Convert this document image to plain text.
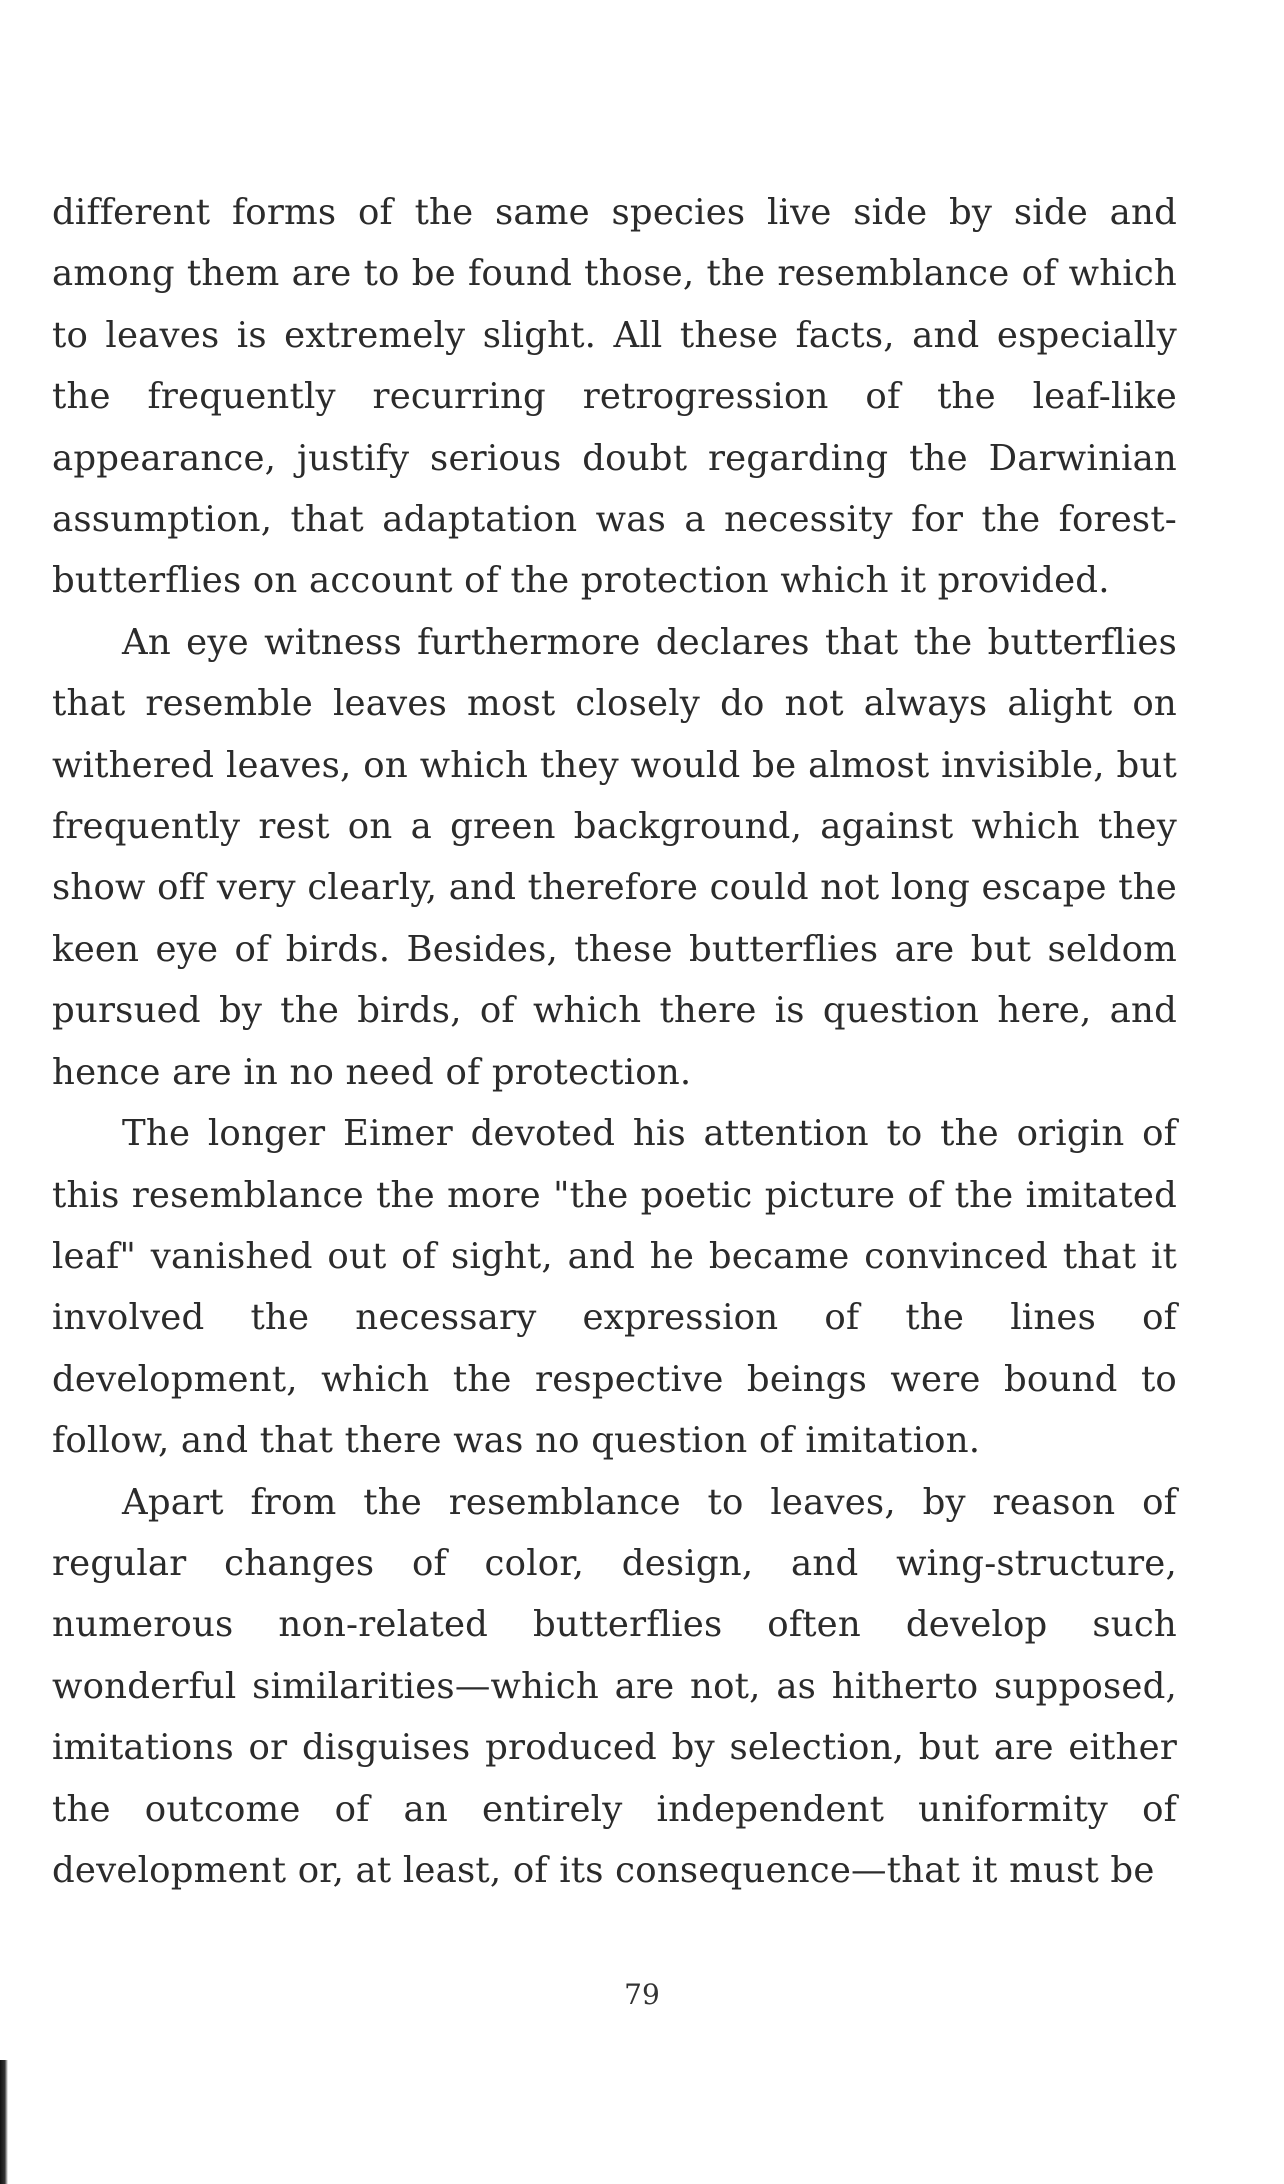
different forms of the same species live side by side and among them are to be found those, the resemblance of which to leaves is extremely slight. All these facts, and especially the frequently recurring retrogression of the leaf-like appearance, justify serious doubt regarding the Darwinian assumption, that adaptation was a necessity for the forest-butterflies on account of the protection which it provided.

An eye witness furthermore declares that the butterflies that resemble leaves most closely do not always alight on withered leaves, on which they would be almost invisible, but frequently rest on a green background, against which they show off very clearly, and therefore could not long escape the keen eye of birds. Besides, these butterflies are but seldom pursued by the birds, of which there is question here, and hence are in no need of protection.

The longer Eimer devoted his attention to the origin of this resemblance the more "the poetic picture of the imitated leaf" vanished out of sight, and he became convinced that it involved the necessary expression of the lines of development, which the respective beings were bound to follow, and that there was no question of imitation.

Apart from the resemblance to leaves, by reason of regular changes of color, design, and wing-structure, numerous non-related butterflies often develop such wonderful similarities—which are not, as hitherto supposed, imitations or disguises produced by selection, but are either the outcome of an entirely independent uniformity of development or, at least, of its consequence—that it must be

79
